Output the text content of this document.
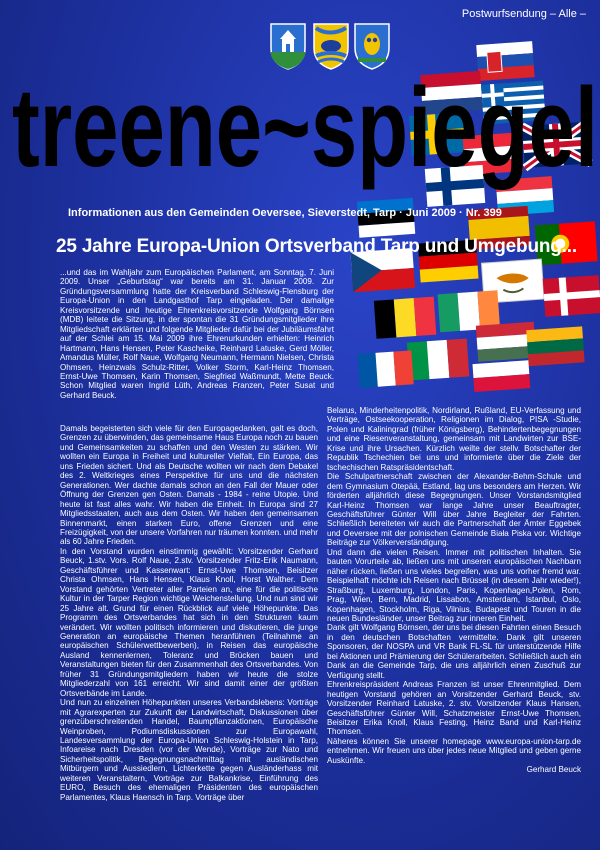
Postwurfsendung – Alle –
treene~spiegel
Informationen aus den Gemeinden Oeversee, Sieverstedt, Tarp · Juni 2009 · Nr. 399
25 Jahre Europa-Union Ortsverband Tarp und Umgebung...

...und das im Wahljahr zum Europäischen Parlament, am Sonntag, 7. Juni 2009. Unser „Geburtstag“ war bereits am 31. Januar 2009. Zur Gründungsversammlung hatte der Kreisverband Schleswig-Flensburg der Europa-Union in den Landgasthof Tarp eingeladen. Der damalige Kreisvorsitzende und heutige Ehrenkreisvorsitzende Wolfgang Börnsen (MDB) leitete die Sitzung, in der spontan die 31 Gründungsmitglieder ihre Mitgliedschaft erklärten und folgende Mitglieder dafür bei der Jubiläumsfahrt auf der Schlei am 15. Mai 2009 ihre Ehrenurkunden erhielten: Heinrich Hartmann, Hans Hensen, Peter Kascheike, Reinhard Latuske, Gerd Möller, Amandus Müller, Rolf Naue, Wolfgang Neumann, Hermann Nielsen, Christa Ohmsen, Heinzwals Schulz-Ritter, Volker Storm, Karl-Heinz Thomsen, Ernst-Uwe Thomsen, Karin Thomsen, Siegfried Waßmundt, Mette Beuck. Schon Mitglied waren Ingrid Lüth, Andreas Franzen, Peter Susat und Gerhard Beuck.

Damals begeisterten sich viele für den Europagedanken, galt es doch, Grenzen zu überwinden, das gemeinsame Haus Europa noch zu bauen und Gemeinsamkeiten zu schaffen und den Westen zu stärken. Wir wollten ein Europa in Freiheit und kultureller Vielfalt, Ein Europa, das uns Frieden sichert. Und als Deutsche wollten wir nach dem Debakel des 2. Weltkrieges eines Perspektive für uns und die nächsten Generationen. Wer dachte damals schon an den Fall der Mauer oder Öffnung der Grenzen gen Osten. Damals - 1984 - reine Utopie. Und heute ist fast alles wahr. Wir haben die Einheit. In Europa sind 27 Mitgliedsstaaten, auch aus dem Osten. Wir haben den gemeinsamen Binnenmarkt, einen starken Euro, offene Grenzen und eine Freizügigkeit, von der unsere Vorfahren nur träumen konnten. und mehr als 60 Jahre Frieden.

In den Vorstand wurden einstimmig gewählt: Vorsitzender Gerhard Beuck, 1.stv. Vors. Rolf Naue, 2.stv. Vorsitzender Fritz-Erik Naumann, Geschäftsführer und Kassenwart: Ernst-Uwe Thomsen, Beisitzer Christa Ohmsen, Hans Hensen, Klaus Knoll, Horst Walther. Dem Vorstand gehörten Vertreter aller Parteien an, eine für die politische Kultur in der Tarper Region wichtige Weichenstellung. Und nun sind wir 25 Jahre alt. Grund für einen Rückblick auf viele Höhepunkte. Das Programm des Ortsverbandes hat sich in den Strukturen kaum verändert. Wir wollten politisch informieren und diskutieren, die junge Generation an europäische Themen heranführen (Teilnahme an europäischen Schülerwettbewerben), in Reisen das europäische Ausland kennenlernen, Toleranz und Brücken bauen und Veranstaltungen bieten für den Zusammenhalt des Ortsverbandes. Von früher 31 Gründungsmitgliedern haben wir heute die stolze Mitgliederzahl von 161 erreicht. Wir sind damit einer der größten Ortsverbände im Lande.

Und nun zu einzelnen Höhepunkten unseres Verbandslebens: Vorträge mit Agrarexperten zur Zukunft der Landwirtschaft, Diskussionen über grenzüberschreitenden Handel, Baumpflanzaktionen, Europäische Weinproben, Podiumsdiskussionen zur Europawahl, Landesversammlung der Europa-Union Schleswig-Holstein in Tarp, Infoareise nach Dresden (vor der Wende), Vorträge zur Nato und Sicherheitspolitik, Begegnungsnachmittag mit ausländischen Mitbürgern und Aussiedlern, Lichterkette gegen Ausländerhass mit weiteren Veranstaltern, Vorträge zur Balkankrise, Einführung des EURO, Besuch des ehemaligen Präsidenten des europäischen Parlamentes, Klaus Haensch in Tarp. Vorträge über

Belarus, Minderheitenpolitik, Nordirland, Rußland, EU-Verfassung und Verträge, Ostseekooperation, Religionen im Dialog, PISA -Studie, Polen und Kaliningrad (früher Königsberg), Behindertenbegegnungen und eine Riesenveranstaltung, gemeinsam mit Landwirten zur BSE-Krise und ihre Ursachen. Kürzlich weilte der stellv. Botschafter der Republik Tschechien bei uns und informierte über die Ziele der tschechischen Ratspräsidentschaft.

Die Schulpartnerschaft zwischen der Alexander-Behm-Schule und dem Gymnasium Otepää, Estland, lag uns besonders am Herzen. Wir förderten alljährlich diese Begegnungen. Unser Vorstandsmitglied Karl-Heinz Thomsen war lange Jahre unser Beauftragter, Geschäftsführer Günter Will über Jahre Begleiter der Fahrten. Schließlich bereiteten wir auch die Partnerschaft der Ämter Eggebek und Oeversee mit der polnischen Gemeinde Biała Piska vor. Wichtige Beiträge zur Völkerverständigung.

Und dann die vielen Reisen. Immer mit politischen Inhalten. Sie bauten Vorurteile ab, ließen uns mit unseren europäischen Nachbarn näher rücken, ließen uns vieles begreifen, was uns vorher fremd war. Beispielhaft möchte ich Reisen nach Brüssel (in diesem Jahr wieder!), Straßburg, Luxemburg, London, Paris, Kopenhagen,Polen, Rom, Prag, Wien, Bern, Madrid, Lissabon, Amsterdam, Istanbul, Oslo, Kopenhagen, Stockholm, Riga, Vilnius, Budapest und Touren in die neuen Bundesländer, unser Beitrag zur inneren Einheit.

Dank gilt Wolfgang Börnsen, der uns bei diesen Fahrten einen Besuch in den deutschen Botschaften vermittelte. Dank gilt unseren Sponsoren, der NOSPA und VR Bank FL-SL für unterstützende Hilfe bei Aktionen und Prämierung der Schülerarbeiten. Schließlich auch ein Dank an die Gemeinde Tarp, die uns alljährlich einen Zuschuß zur Verfügung stellt.

Ehrenkreispräsident Andreas Franzen ist unser Ehrenmitglied. Dem heutigen Vorstand gehören an Vorsitzender Gerhard Beuck, stv. Vorsitzender Reinhard Latuske, 2. stv. Vorsitzender Klaus Hansen, Geschäftsführer Günter Will, Schatzmeister Ernst-Uwe Thomsen, Beisitzer Erika Knoll, Klaus Festing, Heinz Band und Karl-Heinz Thomsen.

Näheres können Sie unserer homepage www.europa-union-tarp.de entnehmen. Wir freuen uns über jedes neue Mitglied und geben gerne Auskünfte.

Gerhard Beuck
